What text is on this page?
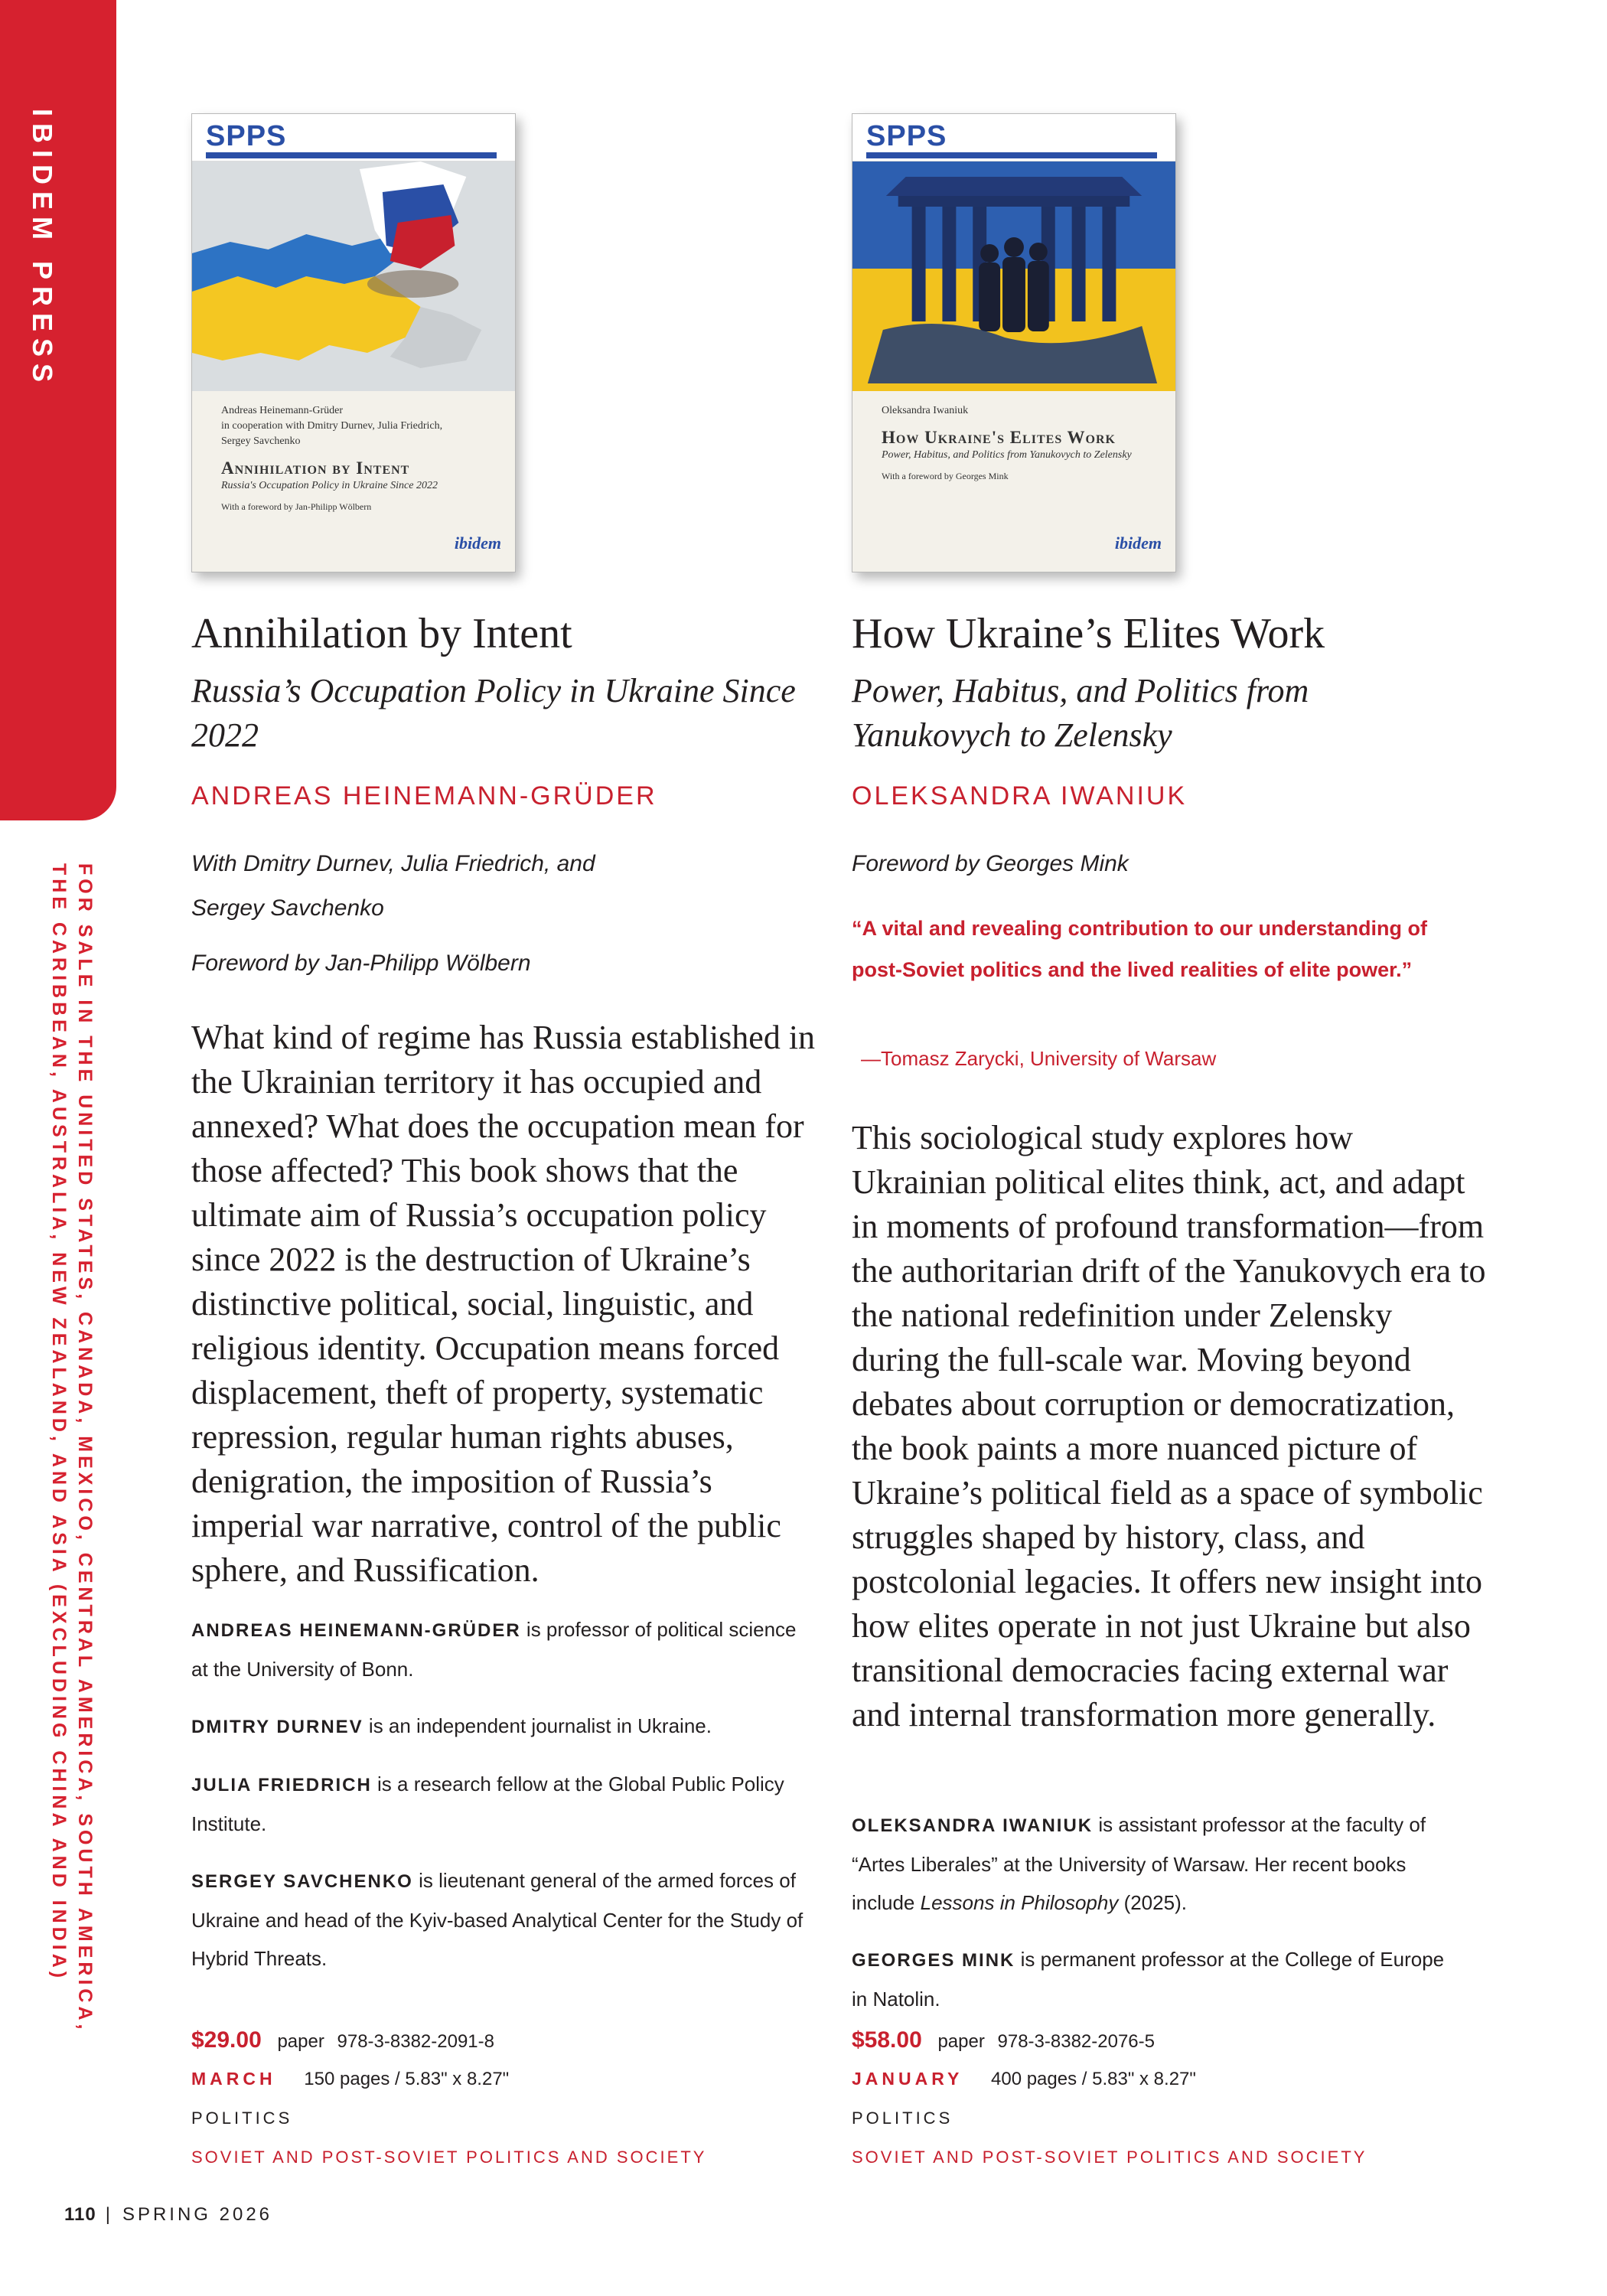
IBIDEM PRESS
FOR SALE IN THE UNITED STATES, CANADA, MEXICO, CENTRAL AMERICA, SOUTH AMERICA, THE CARIBBEAN, AUSTRALIA, NEW ZEALAND, AND ASIA (EXCLUDING CHINA AND INDIA)
SPPS
Andreas Heinemann-Grüder
in cooperation with Dmitry Durnev, Julia Friedrich,
Sergey Savchenko
Annihilation by Intent
Russia's Occupation Policy in Ukraine Since 2022
With a foreword by Jan-Philipp Wölbern
ibidem
Annihilation by Intent
Russia’s Occupation Policy in Ukraine Since 2022
ANDREAS HEINEMANN-GRÜDER
With Dmitry Durnev, Julia Friedrich, and
Sergey Savchenko
Foreword by Jan-Philipp Wölbern
What kind of regime has Russia established in the Ukrainian territory it has occupied and annexed? What does the occupation mean for those affected? This book shows that the ultimate aim of Russia’s occupation policy since 2022 is the destruction of Ukraine’s distinctive political, social, linguistic, and religious identity. Occupation means forced displacement, theft of property, systematic repression, regular human rights abuses, denigration, the imposition of Russia’s imperial war narrative, control of the public sphere, and Russification.
ANDREAS HEINEMANN-GRÜDER is professor of political science at the University of Bonn.
DMITRY DURNEV is an independent journalist in Ukraine.
JULIA FRIEDRICH is a research fellow at the Global Public Policy Institute.
SERGEY SAVCHENKO is lieutenant general of the armed forces of Ukraine and head of the Kyiv-based Analytical Center for the Study of Hybrid Threats.
$29.00 paper 978-3-8382-2091-8
MARCH 150 pages / 5.83" x 8.27"
POLITICS
SOVIET AND POST-SOVIET POLITICS AND SOCIETY
SPPS
Oleksandra Iwaniuk
How Ukraine's Elites Work
Power, Habitus, and Politics from Yanukovych to Zelensky
With a foreword by Georges Mink
ibidem
How Ukraine’s Elites Work
Power, Habitus, and Politics from Yanukovych to Zelensky
OLEKSANDRA IWANIUK
Foreword by Georges Mink
“A vital and revealing contribution to our understanding of post-Soviet politics and the lived realities of elite power.”
—Tomasz Zarycki, University of Warsaw
This sociological study explores how Ukrainian political elites think, act, and adapt in moments of profound transformation—from the authoritarian drift of the Yanukovych era to the national redefinition under Zelensky during the full-scale war. Moving beyond debates about corruption or democratization, the book paints a more nuanced picture of Ukraine’s political field as a space of symbolic struggles shaped by history, class, and postcolonial legacies. It offers new insight into how elites operate in not just Ukraine but also transitional democracies facing external war and internal transformation more generally.
OLEKSANDRA IWANIUK is assistant professor at the faculty of “Artes Liberales” at the University of Warsaw. Her recent books include Lessons in Philosophy (2025).
GEORGES MINK is permanent professor at the College of Europe in Natolin.
$58.00 paper 978-3-8382-2076-5
JANUARY 400 pages / 5.83" x 8.27"
POLITICS
SOVIET AND POST-SOVIET POLITICS AND SOCIETY
110 | SPRING 2026
